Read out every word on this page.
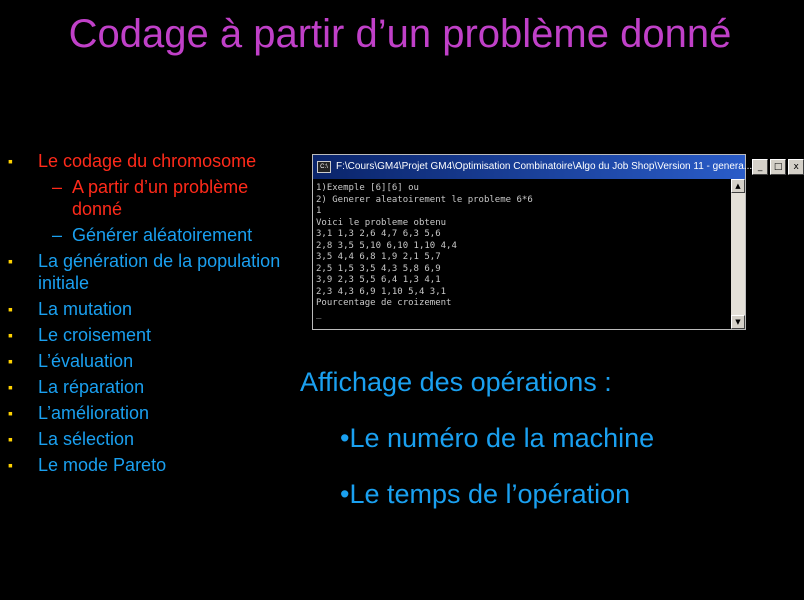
Codage à partir d’un problème donné
▪ Le codage du chromosome
– A partir d’un problème donné
– Générer aléatoirement
▪ La génération de la population initiale
▪ La mutation
▪ Le croisement
▪ L’évaluation
▪ La réparation
▪ L’amélioration
▪ La sélection
▪ Le mode Pareto
C:\ F:\Cours\GM4\Projet GM4\Optimisation Combinatoire\Algo du Job Shop\Version 11 - genera... _	□	x
1)Exemple [6][6] ou
2) Generer aleatoirement le probleme 6*6
1
Voici le probleme obtenu
3,1 1,3 2,6 4,7 6,3 5,6
2,8 3,5 5,10 6,10 1,10 4,4
3,5 4,4 6,8 1,9 2,1 5,7
2,5 1,5 3,5 4,3 5,8 6,9
3,9 2,3 5,5 6,4 1,3 4,1
2,3 4,3 6,9 1,10 5,4 3,1
Pourcentage de croizement
_
▲
▼
Affichage des opérations :
•Le numéro de la machine
•Le temps de l’opération
